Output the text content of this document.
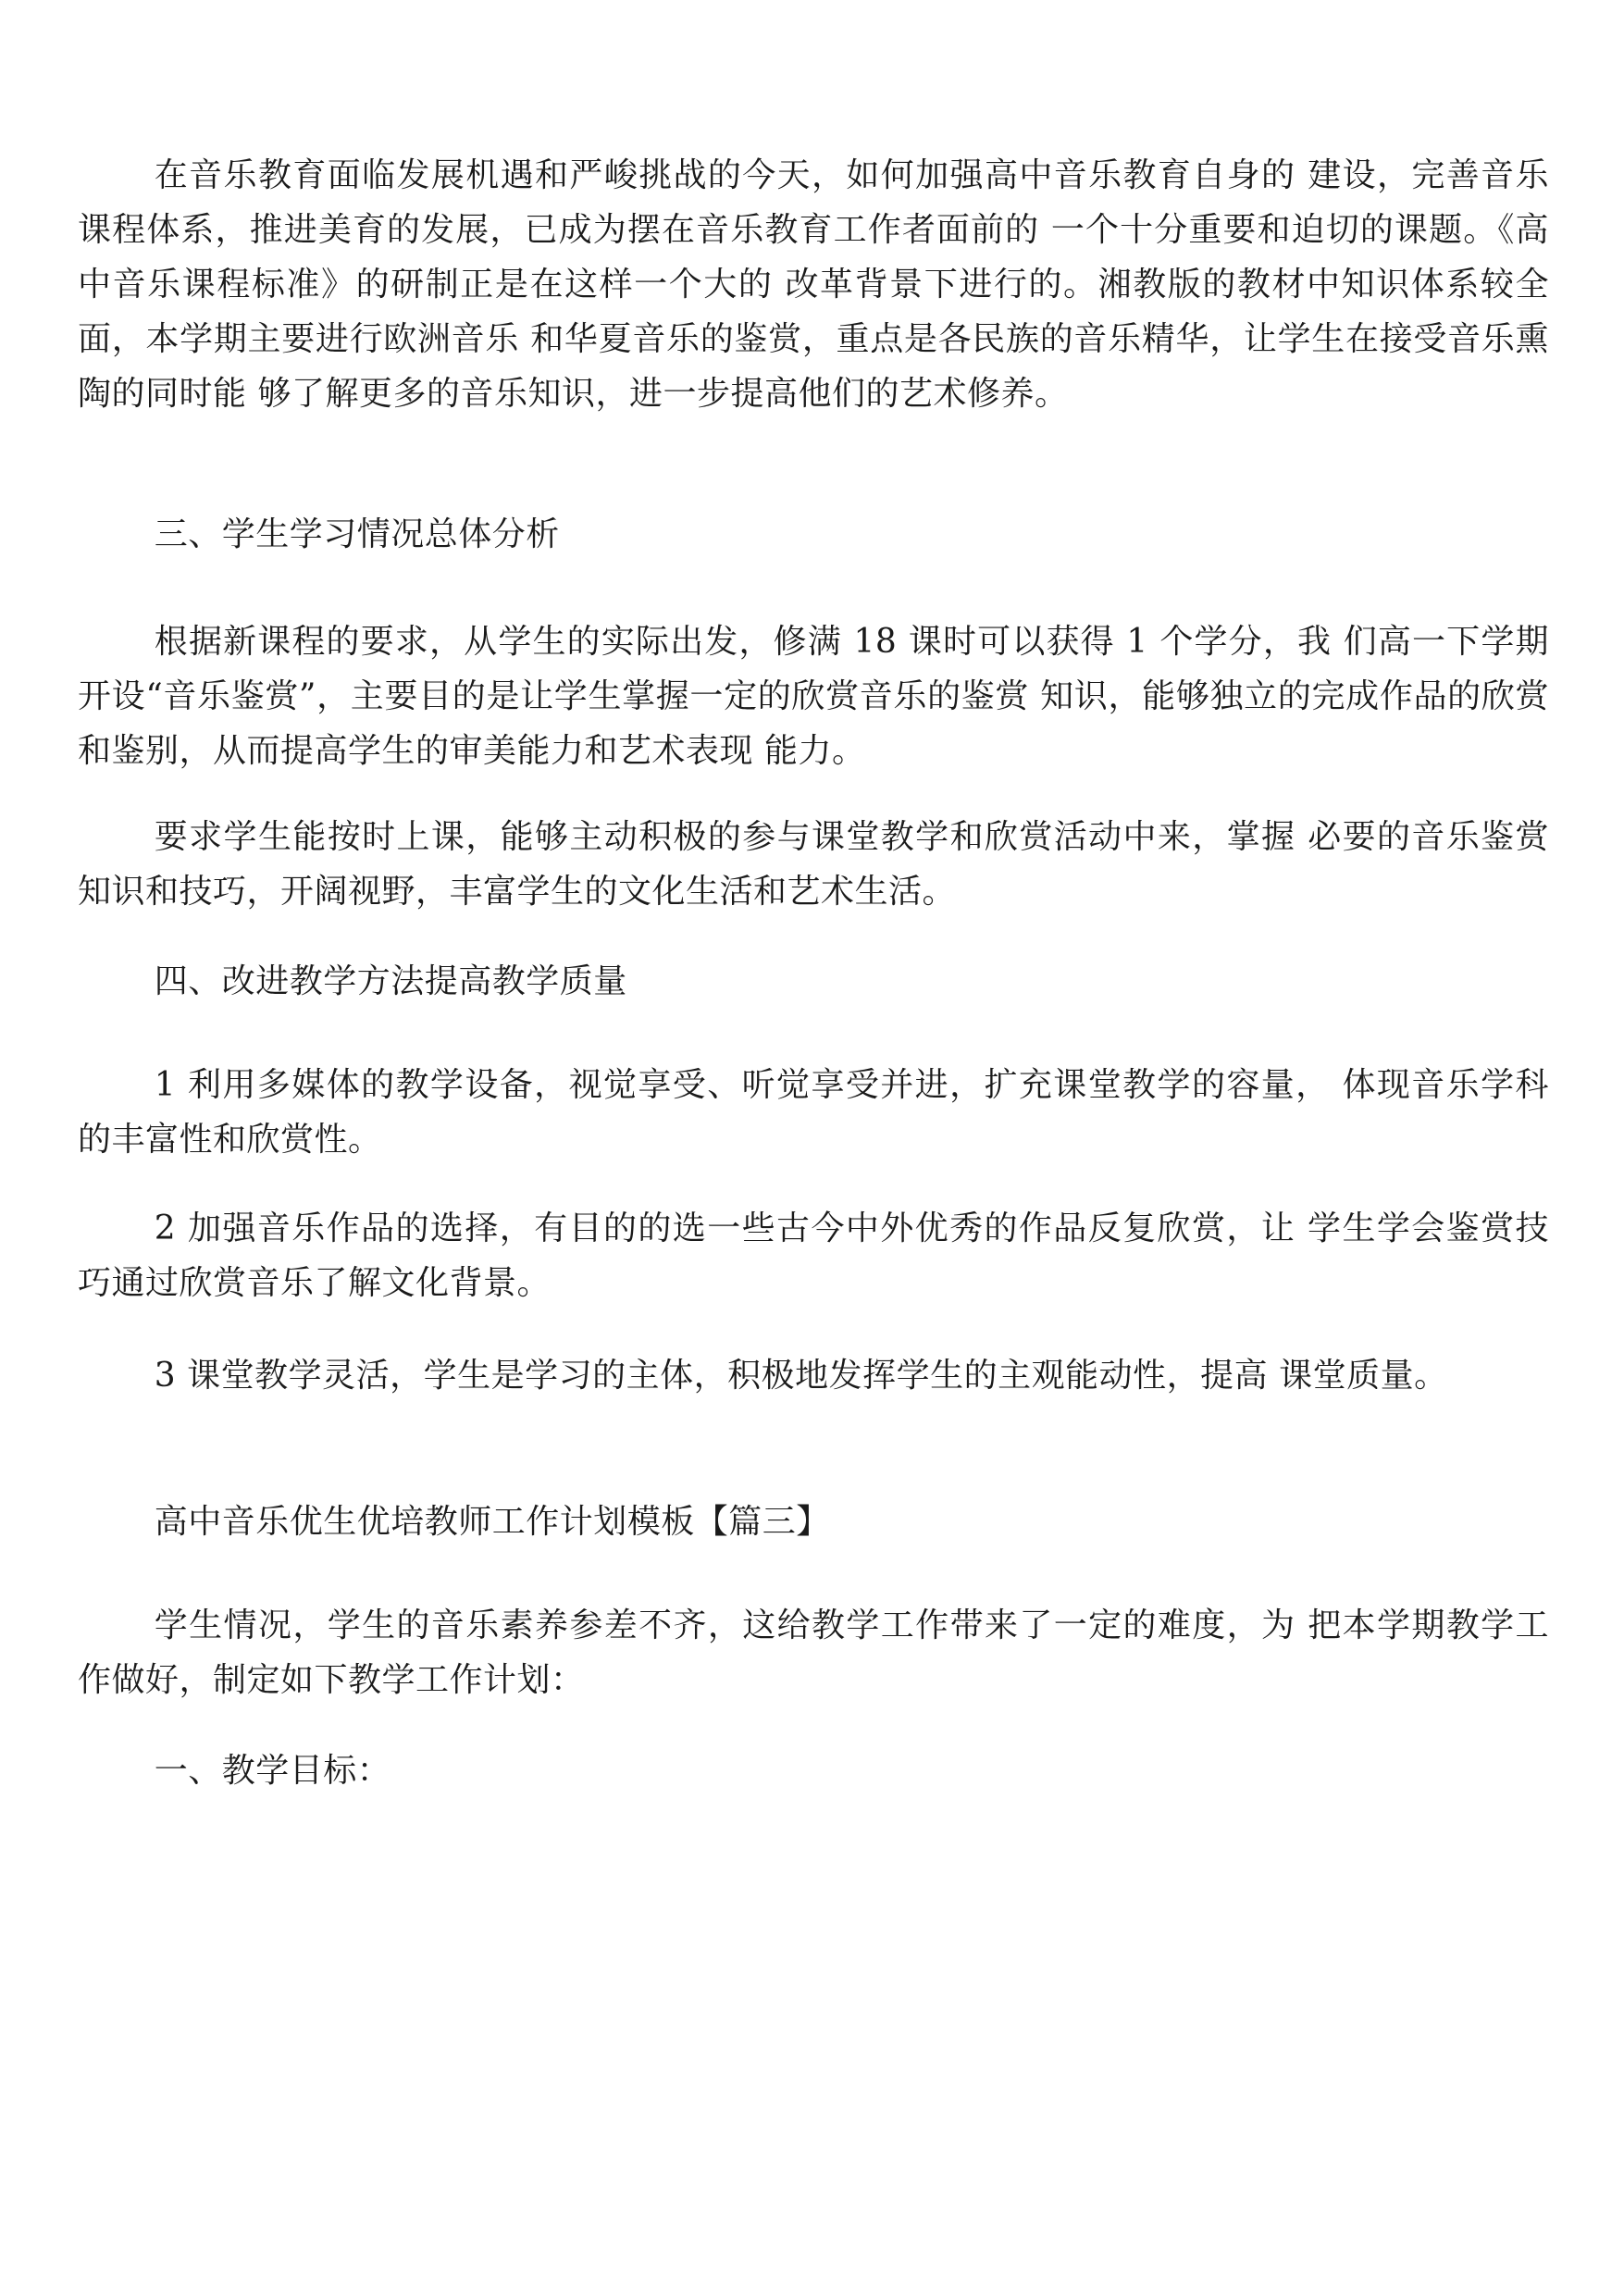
在音乐教育面临发展机遇和严峻挑战的今天，如何加强高中音乐教育自身的 建设，完善音乐课程体系，推进美育的发展，已成为摆在音乐教育工作者面前的 一个十分重要和迫切的课题。《高中音乐课程标准》的研制正是在这样一个大的 改革背景下进行的。湘教版的教材中知识体系较全面，本学期主要进行欧洲音乐 和华夏音乐的鉴赏，重点是各民族的音乐精华，让学生在接受音乐熏陶的同时能 够了解更多的音乐知识，进一步提高他们的艺术修养。

三、学生学习情况总体分析

根据新课程的要求，从学生的实际出发，修满 18 课时可以获得 1 个学分，我 们高一下学期开设“音乐鉴赏”，主要目的是让学生掌握一定的欣赏音乐的鉴赏 知识，能够独立的完成作品的欣赏和鉴别，从而提高学生的审美能力和艺术表现 能力。

要求学生能按时上课，能够主动积极的参与课堂教学和欣赏活动中来，掌握 必要的音乐鉴赏知识和技巧，开阔视野，丰富学生的文化生活和艺术生活。

四、改进教学方法提高教学质量

1 利用多媒体的教学设备，视觉享受、听觉享受并进，扩充课堂教学的容量， 体现音乐学科的丰富性和欣赏性。

2 加强音乐作品的选择，有目的的选一些古今中外优秀的作品反复欣赏，让 学生学会鉴赏技巧通过欣赏音乐了解文化背景。

3 课堂教学灵活，学生是学习的主体，积极地发挥学生的主观能动性，提高 课堂质量。

高中音乐优生优培教师工作计划模板【篇三】

学生情况，学生的音乐素养参差不齐，这给教学工作带来了一定的难度，为 把本学期教学工作做好，制定如下教学工作计划：

一、教学目标：
